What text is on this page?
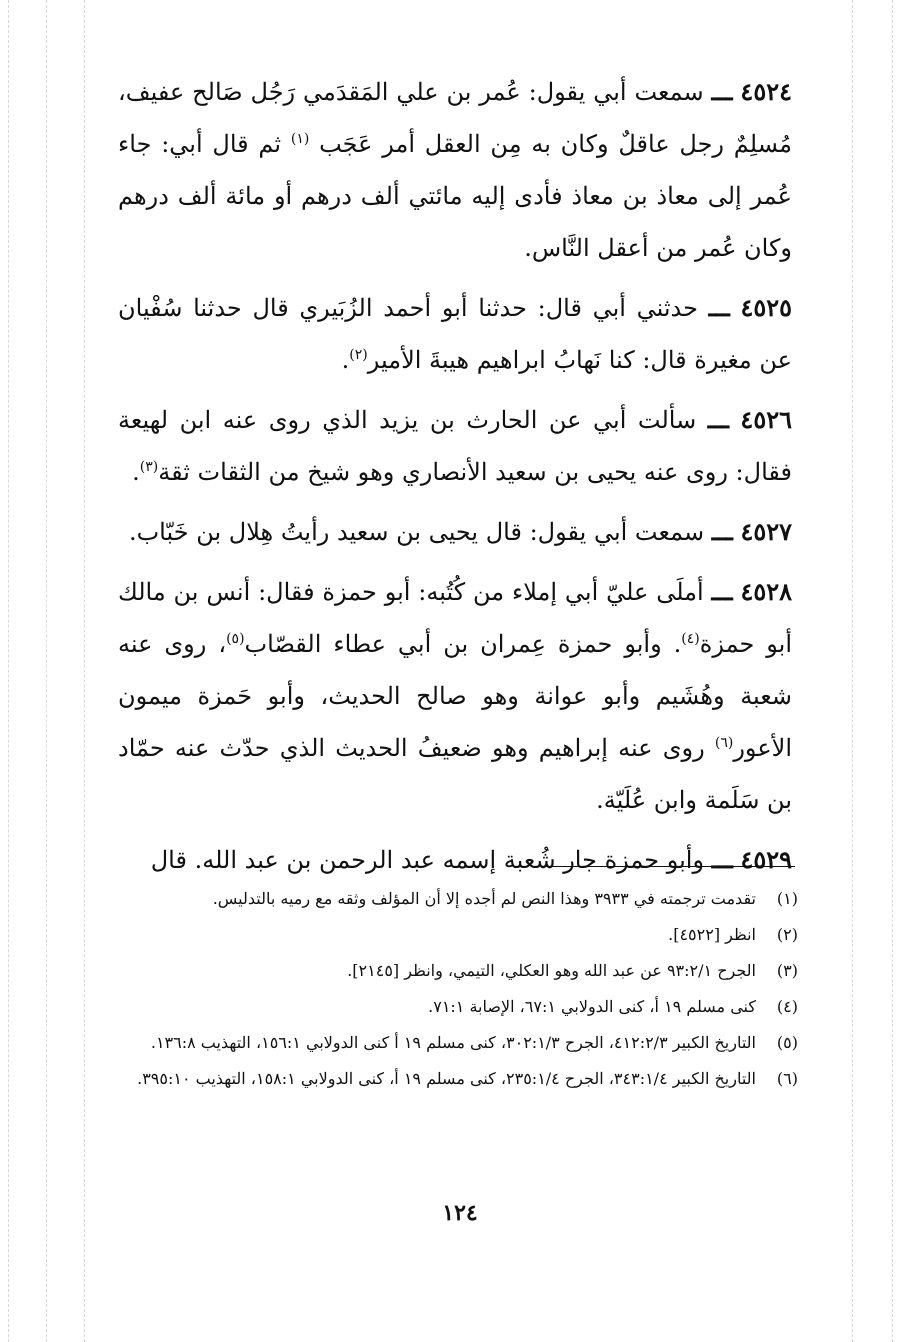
٤٥٢٤ ـــ سمعت أبي يقول: عُمر بن علي المَقدَمي رَجُل صَالح عفيف، مُسلِمٌ رجل عاقلٌ وكان به مِن العقل أمر عَجَب $^{(١)}$ ثم قال أبي: جاء عُمر إلى معاذ بن معاذ فأدى إليه مائتي ألف درهم أو مائة ألف درهم وكان عُمر من أعقل النَّاس.

٤٥٢٥ ـــ حدثني أبي قال: حدثنا أبو أحمد الزُبَيري قال حدثنا سُفْيان عن مغيرة قال: كنا نَهابُ ابراهيم هيبةَ الأمير$^{(٢)}$.

٤٥٢٦ ـــ سألت أبي عن الحارث بن يزيد الذي روى عنه ابن لهيعة فقال: روى عنه يحيى بن سعيد الأنصاري وهو شيخ من الثقات ثقة$^{(٣)}$.

٤٥٢٧ ـــ سمعت أبي يقول: قال يحيى بن سعيد رأيتُ هِلال بن خَبّاب.

٤٥٢٨ ـــ أملَى عليّ أبي إملاء من كُتُبه: أبو حمزة فقال: أنس بن مالك أبو حمزة$^{(٤)}$. وأبو حمزة عِمران بن أبي عطاء القصّاب$^{(٥)}$، روى عنه شعبة وهُشَيم وأبو عوانة وهو صالح الحديث، وأبو حَمزة ميمون الأعور$^{(٦)}$ روى عنه إبراهيم وهو ضعيفُ الحديث الذي حدّث عنه حمّاد بن سَلَمة وابن عُلَيّة.

٤٥٢٩ ـــ وأبو حمزة جار شُعبة إسمه عبد الرحمن بن عبد الله. قال

(١)
تقدمت ترجمته في ٣٩٣٣ وهذا النص لم أجده إلا أن المؤلف وثقه مع رميه بالتدليس.
(٢)
انظر [٤٥٢٢].
(٣)
الجرح ٩٣:٢/١ عن عبد الله وهو العكلي، التيمي، وانظر [٢١٤٥].
(٤)
كنى مسلم ١٩ أ، كنى الدولابي ٦٧:١، الإصابة ٧١:١.
(٥)
التاريخ الكبير ٤١٢:٢/٣، الجرح ٣٠٢:١/٣، كنى مسلم ١٩ أ كنى الدولابي ١٥٦:١، التهذيب ١٣٦:٨.
(٦)
التاريخ الكبير ٣٤٣:١/٤، الجرح ٢٣٥:١/٤، كنى مسلم ١٩ أ، كنى الدولابي ١٥٨:١، التهذيب ٣٩٥:١٠.
١٢٤
